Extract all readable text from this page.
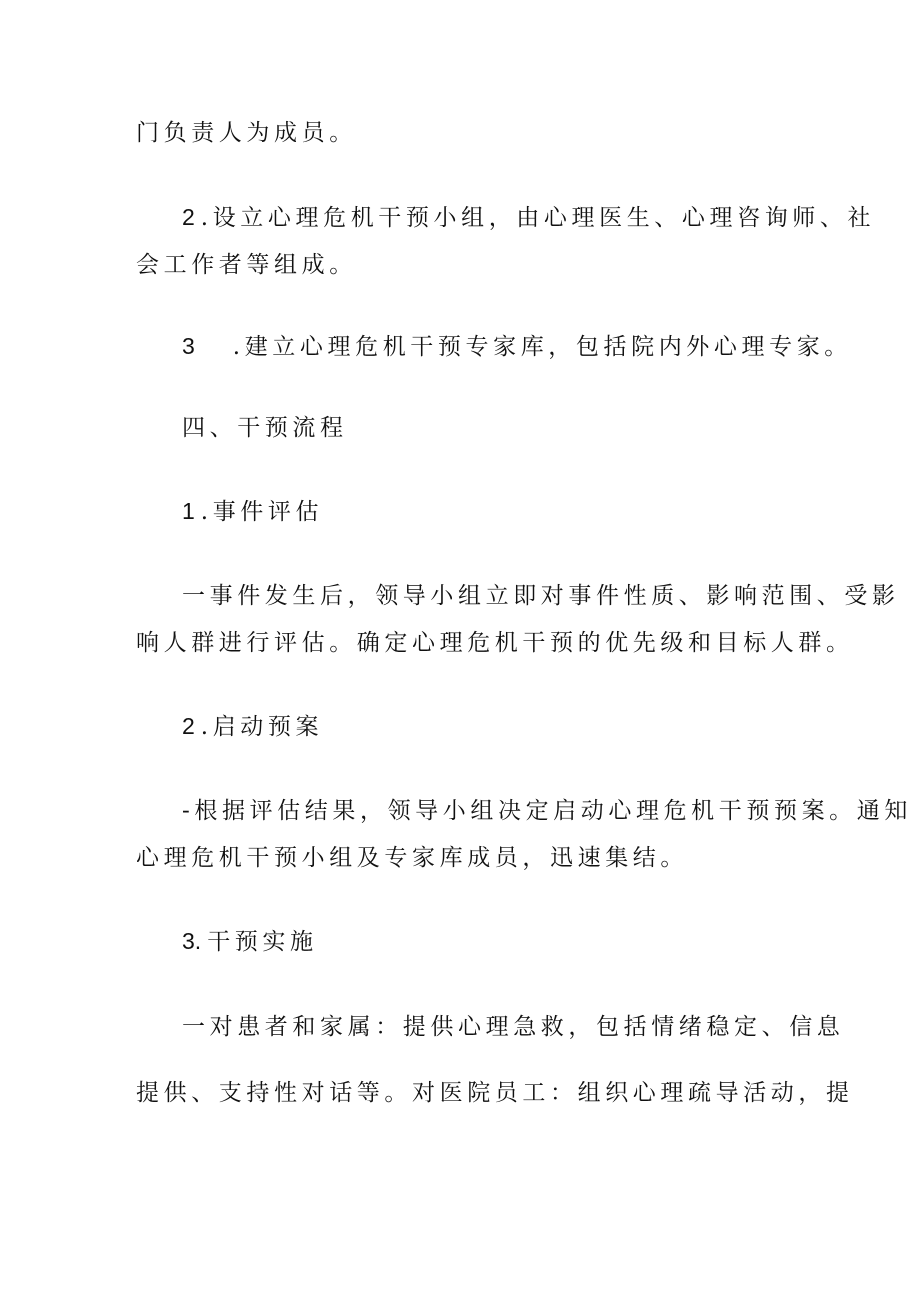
门负责人为成员。
2 .设立心理危机干预小组，由心理医生、心理咨询师、社
会工作者等组成。
3 .建立心理危机干预专家库，包括院内外心理专家。
四、干预流程
1 .事件评估
一事件发生后，领导小组立即对事件性质、影响范围、受影
响人群进行评估。确定心理危机干预的优先级和目标人群。
2 .启动预案
-根据评估结果，领导小组决定启动心理危机干预预案。通知
心理危机干预小组及专家库成员，迅速集结。
3. 干预实施
一对患者和家属：提供心理急救，包括情绪稳定、信息
提供、支持性对话等。对医院员工：组织心理疏导活动，提
